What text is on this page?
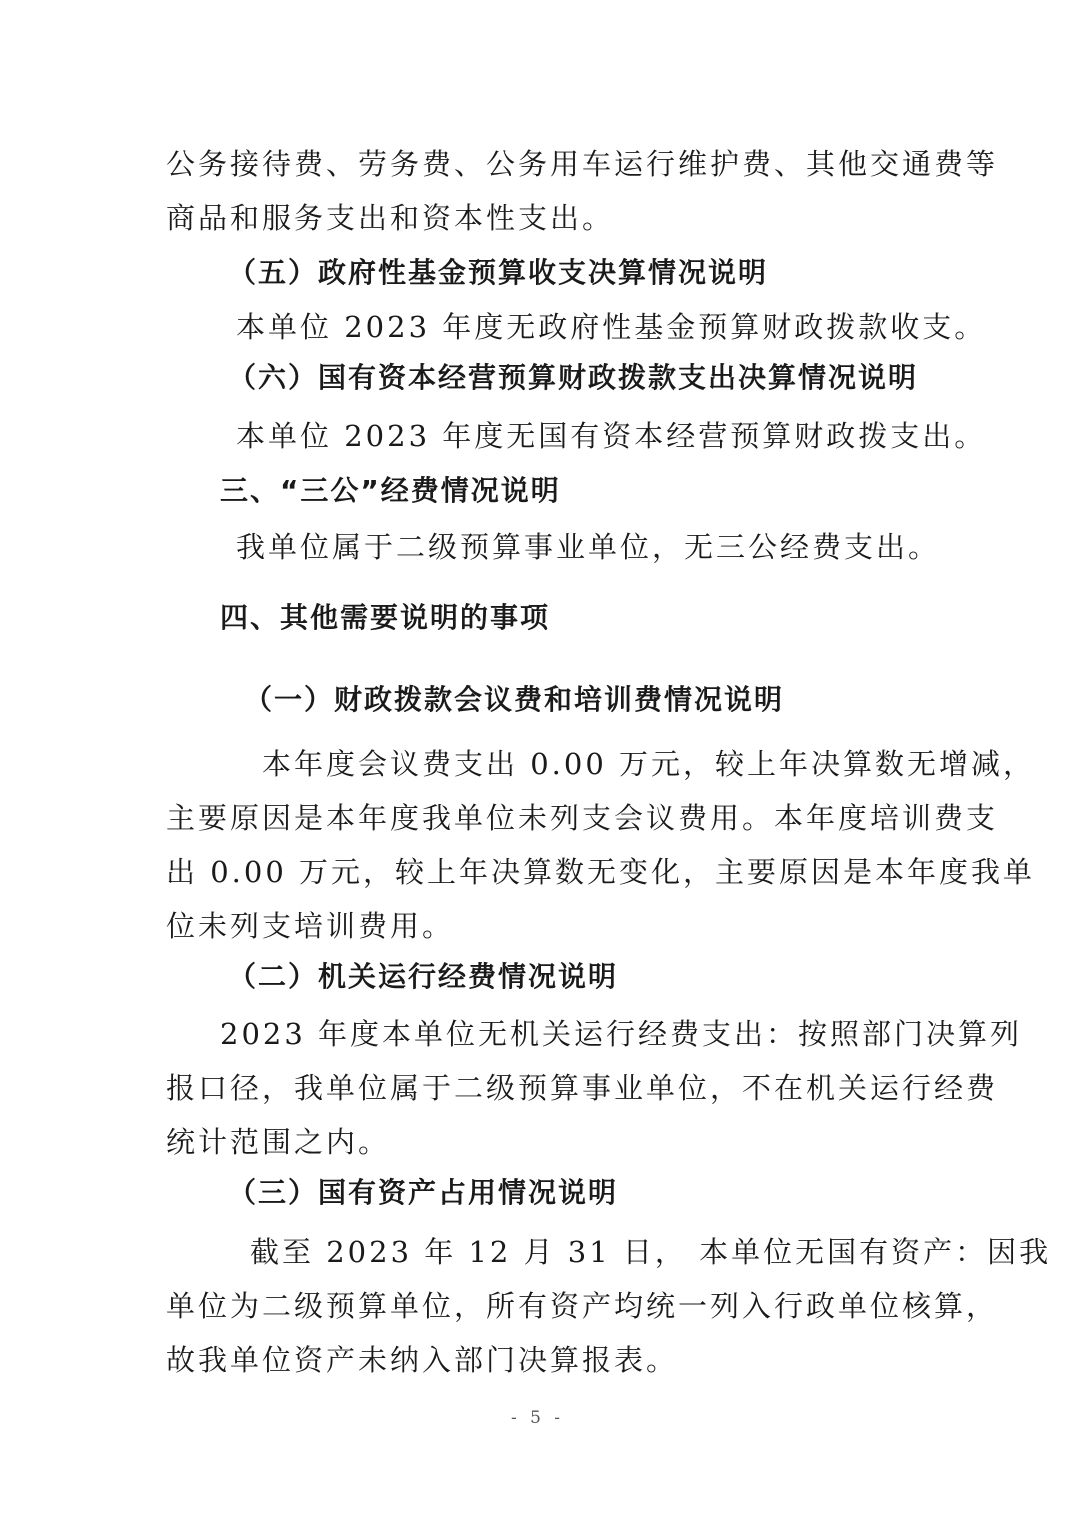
公务接待费、劳务费、公务用车运行维护费、其他交通费等
商品和服务支出和资本性支出。
（五）政府性基金预算收支决算情况说明
本单位 2023 年度无政府性基金预算财政拨款收支。
（六）国有资本经营预算财政拨款支出决算情况说明
本单位 2023 年度无国有资本经营预算财政拨支出。
三、“三公”经费情况说明
我单位属于二级预算事业单位，无三公经费支出。
四、其他需要说明的事项
（一）财政拨款会议费和培训费情况说明
本年度会议费支出 0.00 万元，较上年决算数无增减，
主要原因是本年度我单位未列支会议费用。本年度培训费支
出 0.00 万元，较上年决算数无变化，主要原因是本年度我单
位未列支培训费用。
（二）机关运行经费情况说明
2023 年度本单位无机关运行经费支出：按照部门决算列
报口径，我单位属于二级预算事业单位，不在机关运行经费
统计范围之内。
（三）国有资产占用情况说明
截至 2023 年 12 月 31 日， 本单位无国有资产：因我
单位为二级预算单位，所有资产均统一列入行政单位核算，
故我单位资产未纳入部门决算报表。
- 5 -
